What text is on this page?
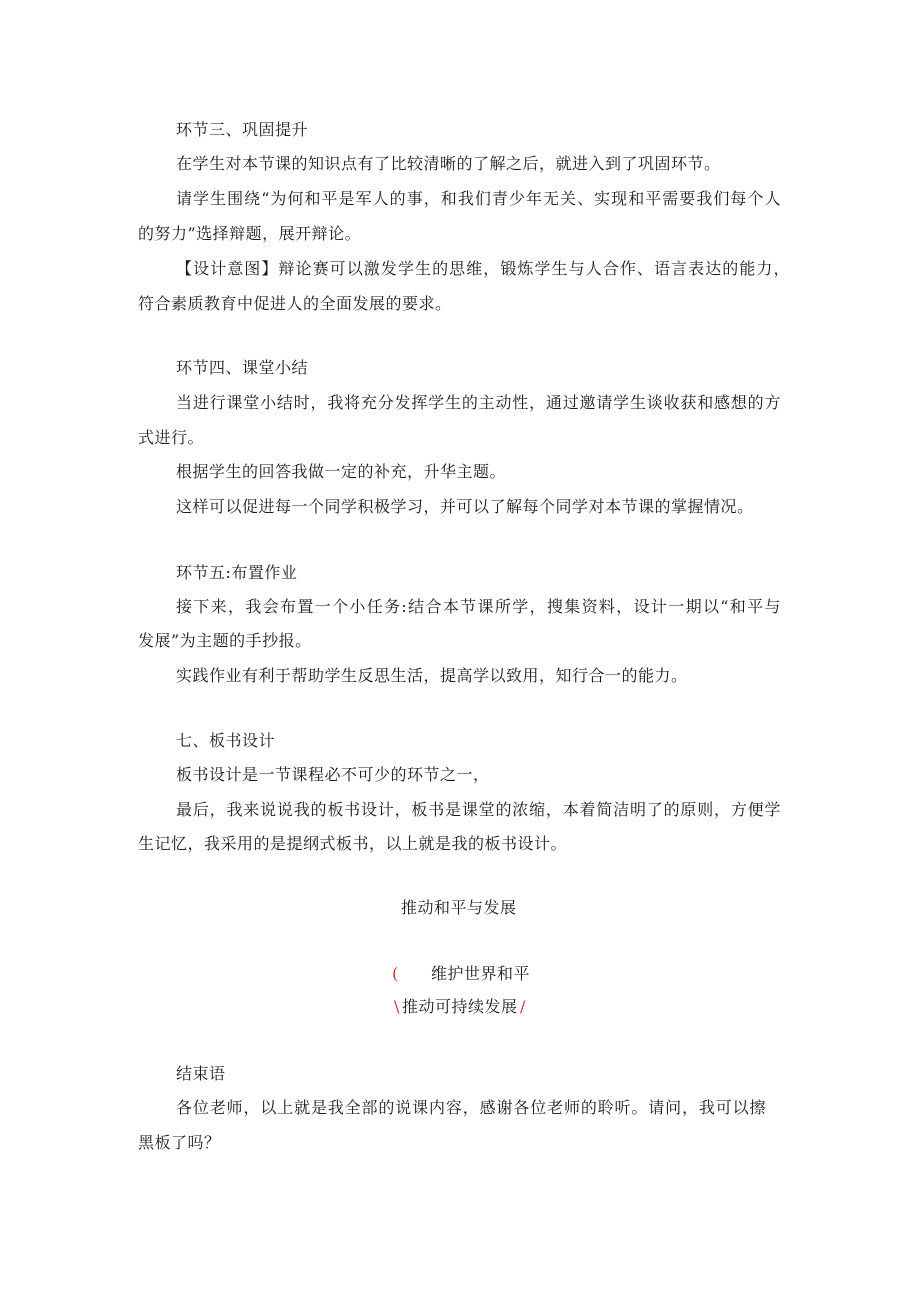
环节三、巩固提升
在学生对本节课的知识点有了比较清晰的了解之后，就进入到了巩固环节。
请学生围绕“为何和平是军人的事，和我们青少年无关、实现和平需要我们每个人
的努力”选择辩题，展开辩论。
【设计意图】辩论赛可以激发学生的思维，锻炼学生与人合作、语言表达的能力，
符合素质教育中促进人的全面发展的要求。
环节四、课堂小结
当进行课堂小结时，我将充分发挥学生的主动性，通过邀请学生谈收获和感想的方
式进行。
根据学生的回答我做一定的补充，升华主题。
这样可以促进每一个同学积极学习，并可以了解每个同学对本节课的掌握情况。
环节五:布置作业
接下来，我会布置一个小任务:结合本节课所学，搜集资料，设计一期以“和平与
发展”为主题的手抄报。
实践作业有利于帮助学生反思生活，提高学以致用，知行合一的能力。
七、板书设计
板书设计是一节课程必不可少的环节之一，
最后，我来说说我的板书设计，板书是课堂的浓缩，本着简洁明了的原则，方便学
生记忆，我采用的是提纲式板书，以上就是我的板书设计。
推动和平与发展
( 维护世界和平
\ 推动可持续发展 /
结束语
各位老师，以上就是我全部的说课内容，感谢各位老师的聆听。请问，我可以擦
黑板了吗？
